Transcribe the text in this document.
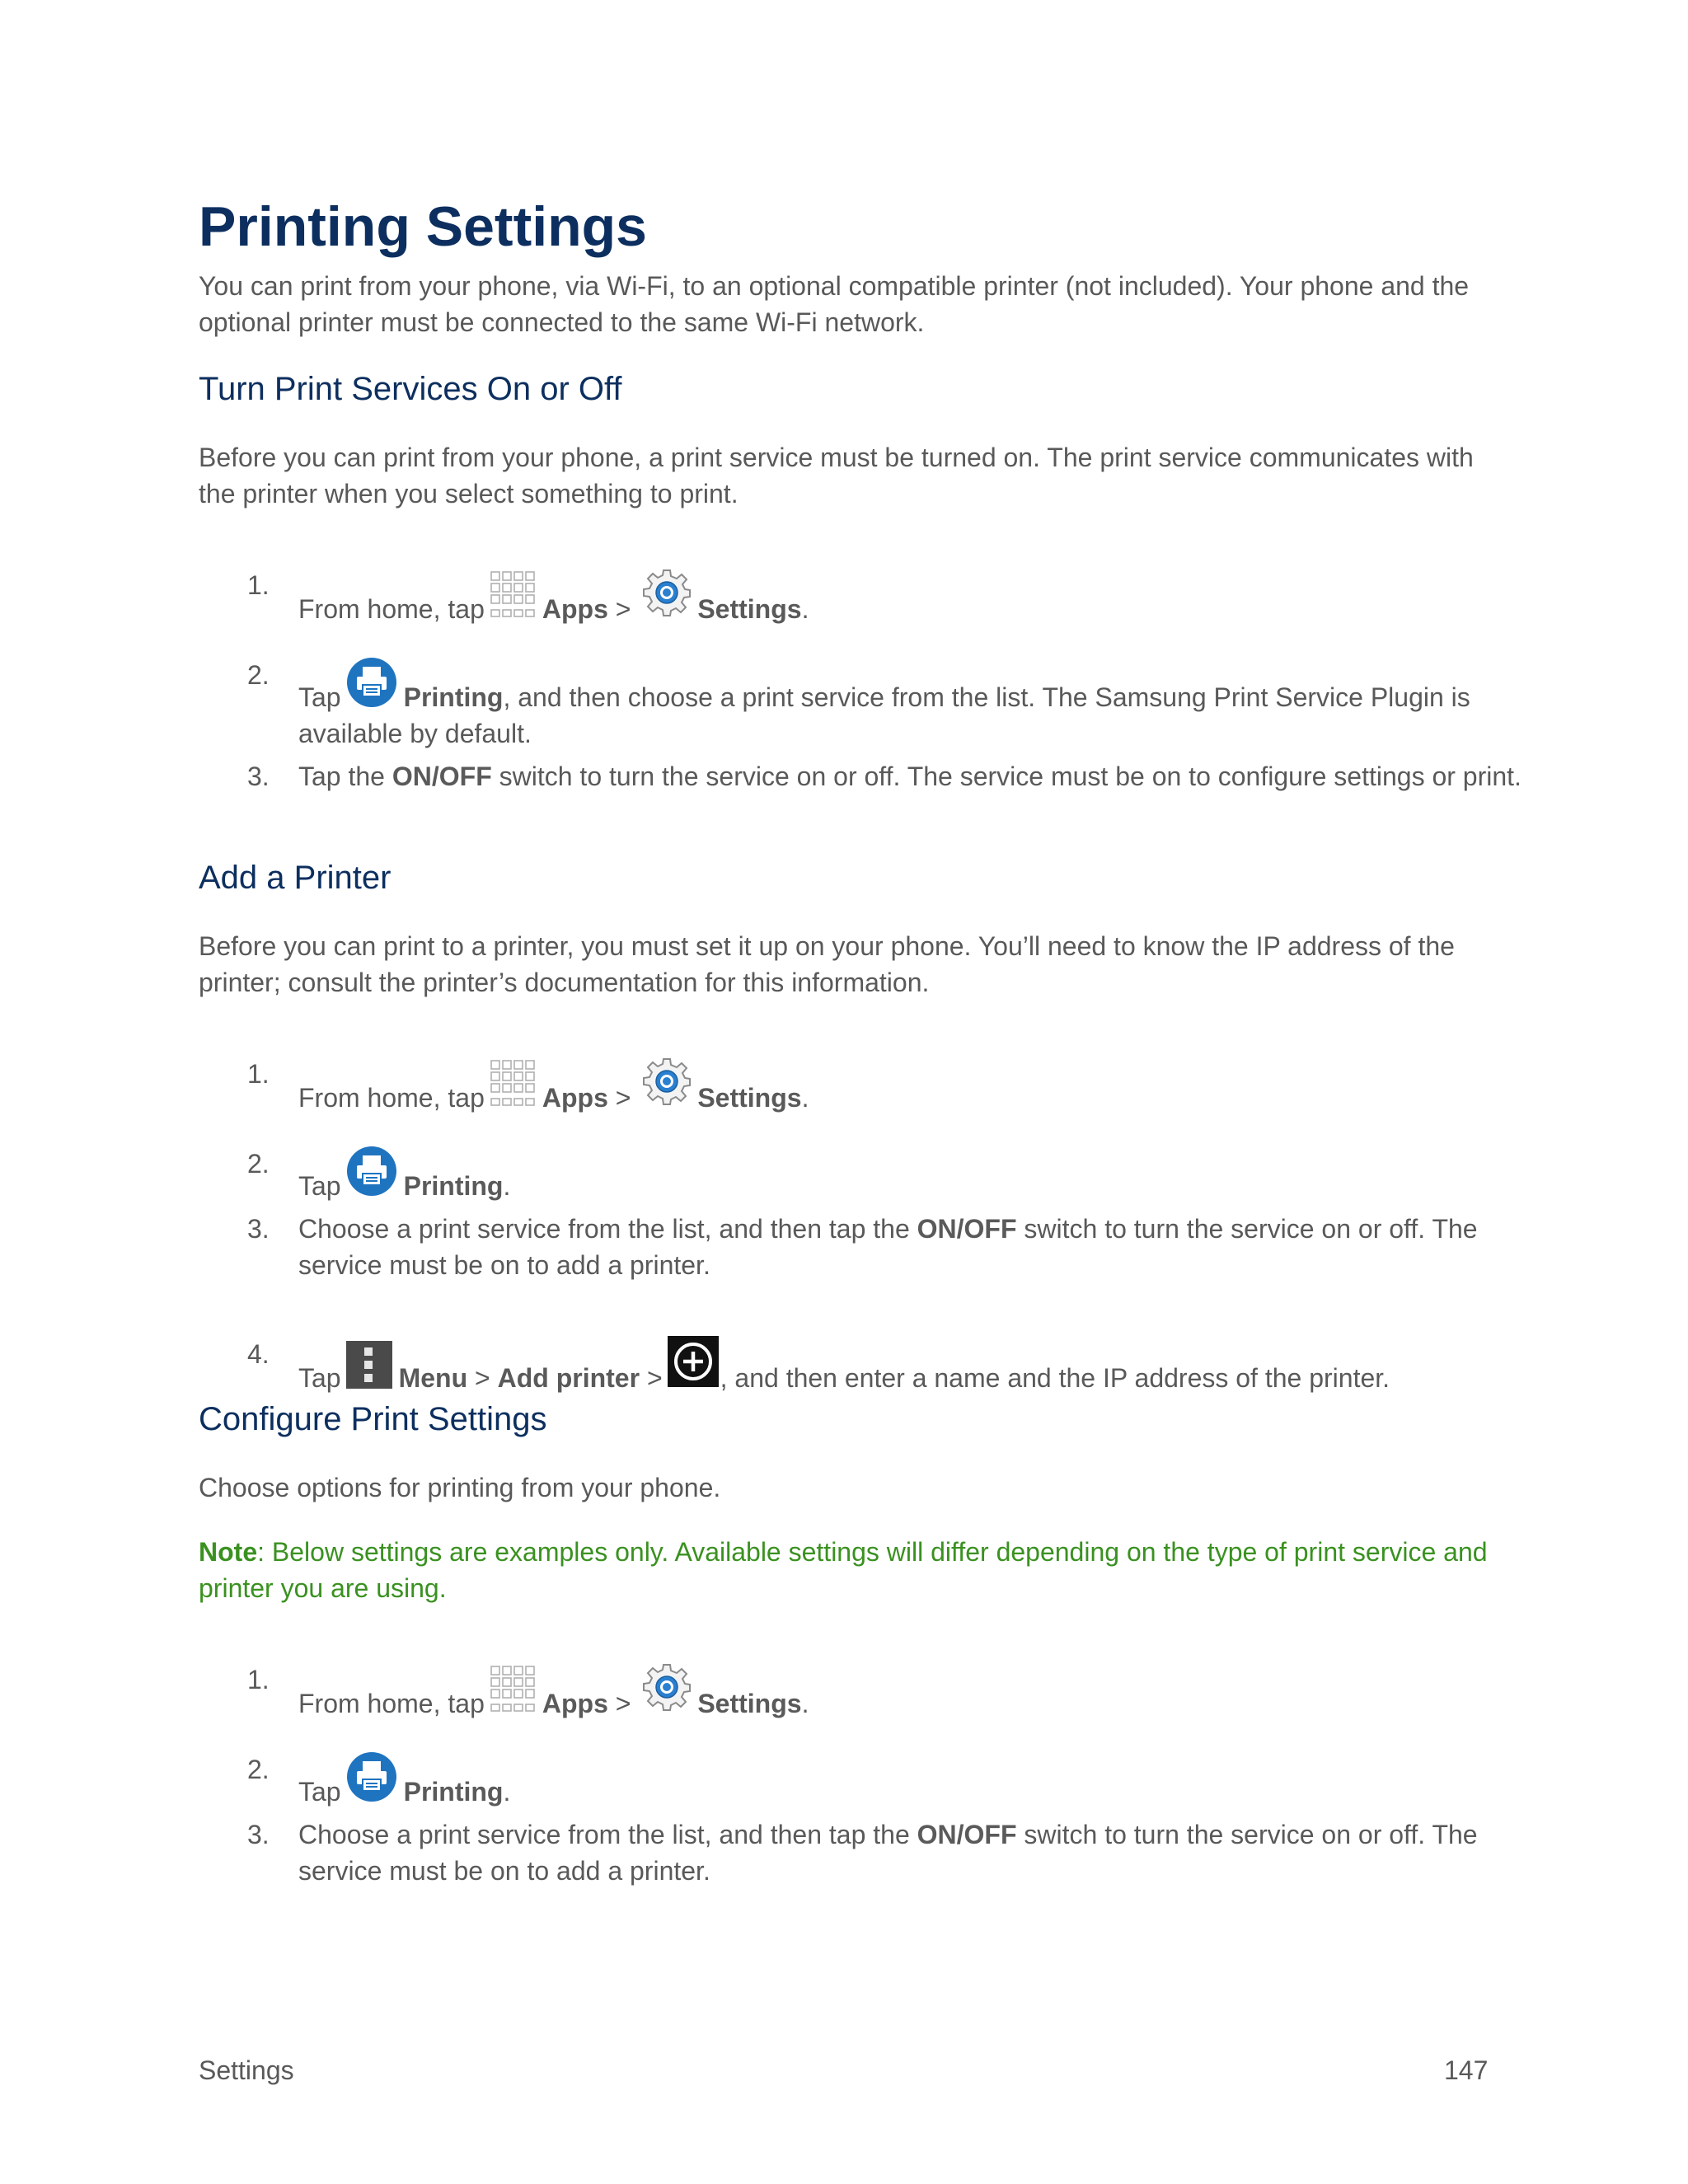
Printing Settings

You can print from your phone, via Wi-Fi, to an optional compatible printer (not included). Your phone and the optional printer must be connected to the same Wi-Fi network.

Turn Print Services On or Off

Before you can print from your phone, a print service must be turned on. The print service communicates with the printer when you select something to print.

1.
From home, tap Apps >	Settings.
2.
Tap Printing, and then choose a print service from the list. The Samsung Print Service Plugin is available by default.
3.	Tap the ON/OFF switch to turn the service on or off. The service must be on to configure settings or print.
Add a Printer

Before you can print to a printer, you must set it up on your phone. You’ll need to know the IP address of the printer; consult the printer’s documentation for this information.

1.
From home, tap Apps >	Settings.
2.
Tap Printing.
3.	Choose a print service from the list, and then tap the ON/OFF switch to turn the service on or off. The service must be on to add a printer.
4.
Tap Menu > Add printer > , and then enter a name and the IP address of the printer.
Configure Print Settings

Choose options for printing from your phone.

Note: Below settings are examples only. Available settings will differ depending on the type of print service and printer you are using.

1.
From home, tap Apps >	Settings.
2.
Tap Printing.
3.	Choose a print service from the list, and then tap the ON/OFF switch to turn the service on or off. The service must be on to add a printer.
Settings	147
